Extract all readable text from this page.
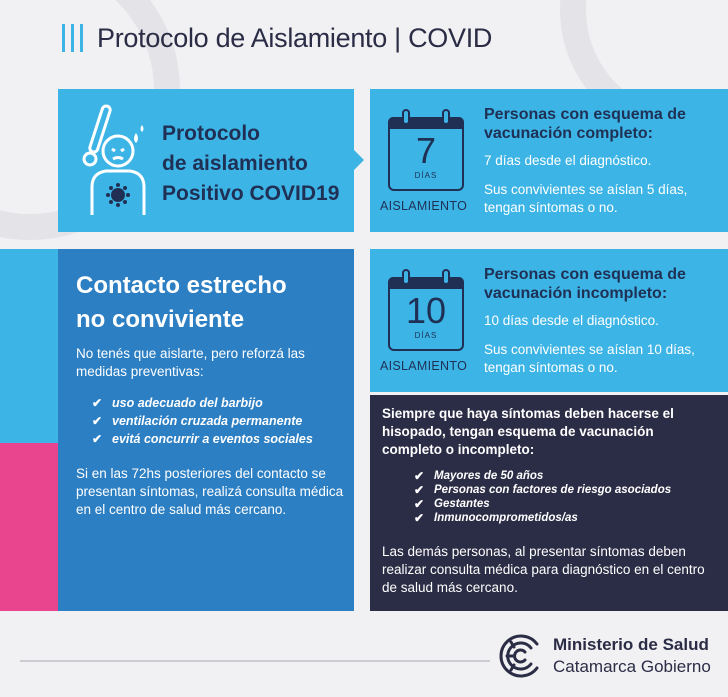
Protocolo de Aislamiento | COVID
Protocolo
de aislamiento
Positivo COVID19
7
DÍAS
AISLAMIENTO
Personas con esquema de vacunación completo:
7 días desde el diagnóstico.
Sus convivientes se aíslan 5 días, tengan síntomas o no.
Contacto estrecho
no conviviente
No tenés que aislarte, pero reforzá las medidas preventivas:
✔ uso adecuado del barbijo
✔ ventilación cruzada permanente
✔ evitá concurrir a eventos sociales
Si en las 72hs posteriores del contacto se presentan síntomas, realizá consulta médica en el centro de salud más cercano.
10
DÍAS
AISLAMIENTO
Personas con esquema de vacunación incompleto:
10 días desde el diagnóstico.
Sus convivientes se aíslan 10 días, tengan síntomas o no.
Siempre que haya síntomas deben hacerse el hisopado, tengan esquema de vacunación completo o incompleto:
✔ Mayores de 50 años
✔ Personas con factores de riesgo asociados
✔ Gestantes
✔ Inmunocomprometidos/as
Las demás personas, al presentar síntomas deben realizar consulta médica para diagnóstico en el centro de salud más cercano.
Ministerio de Salud
Catamarca Gobierno
